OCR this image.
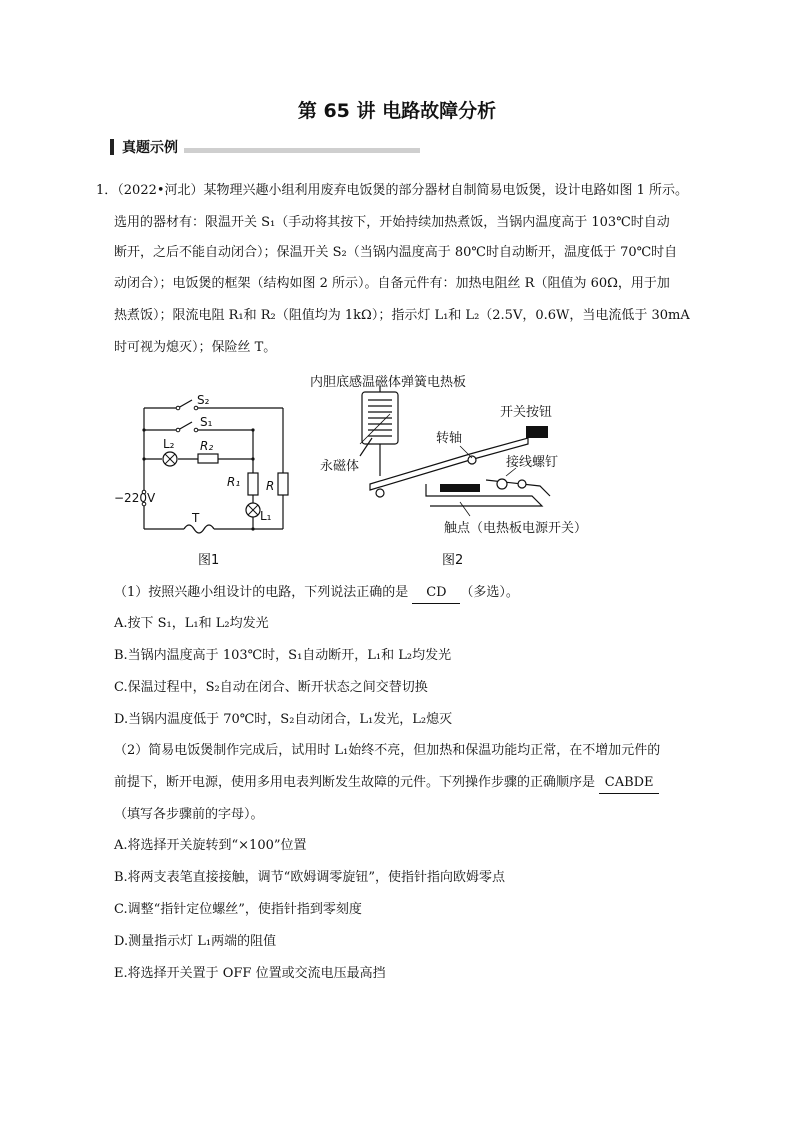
第 65 讲 电路故障分析
真题示例
1．（2022•河北）某物理兴趣小组利用废弃电饭煲的部分器材自制简易电饭煲，设计电路如图 1 所示。
选用的器材有：限温开关 S₁（手动将其按下，开始持续加热煮饭，当锅内温度高于 103℃时自动
断开，之后不能自动闭合）；保温开关 S₂（当锅内温度高于 80℃时自动断开，温度低于 70℃时自
动闭合）；电饭煲的框架（结构如图 2 所示）。自备元件有：加热电阻丝 R（阻值为 60Ω，用于加
热煮饭）；限流电阻 R₁和 R₂（阻值均为 1kΩ）；指示灯 L₁和 L₂（2.5V，0.6W，当电流低于 30mA
时可视为熄灭）；保险丝 T。
S₂
S₁
L₂ R₂
R₁ R
L₁
T
−220V
图1
内胆底感温磁体弹簧电热板
开关按钮
转轴
永磁体	接线螺钉
触点（电热板电源开关）
图2
（1）按照兴趣小组设计的电路，下列说法正确的是 CD （多选）。
A.按下 S₁，L₁和 L₂均发光
B.当锅内温度高于 103℃时，S₁自动断开，L₁和 L₂均发光
C.保温过程中，S₂自动在闭合、断开状态之间交替切换
D.当锅内温度低于 70℃时，S₂自动闭合，L₁发光，L₂熄灭
（2）简易电饭煲制作完成后，试用时 L₁始终不亮，但加热和保温功能均正常，在不增加元件的
前提下，断开电源，使用多用电表判断发生故障的元件。下列操作步骤的正确顺序是 CABDE
（填写各步骤前的字母）。
A.将选择开关旋转到“×100”位置
B.将两支表笔直接接触，调节“欧姆调零旋钮”，使指针指向欧姆零点
C.调整“指针定位螺丝”，使指针指到零刻度
D.测量指示灯 L₁两端的阻值
E.将选择开关置于 OFF 位置或交流电压最高挡
